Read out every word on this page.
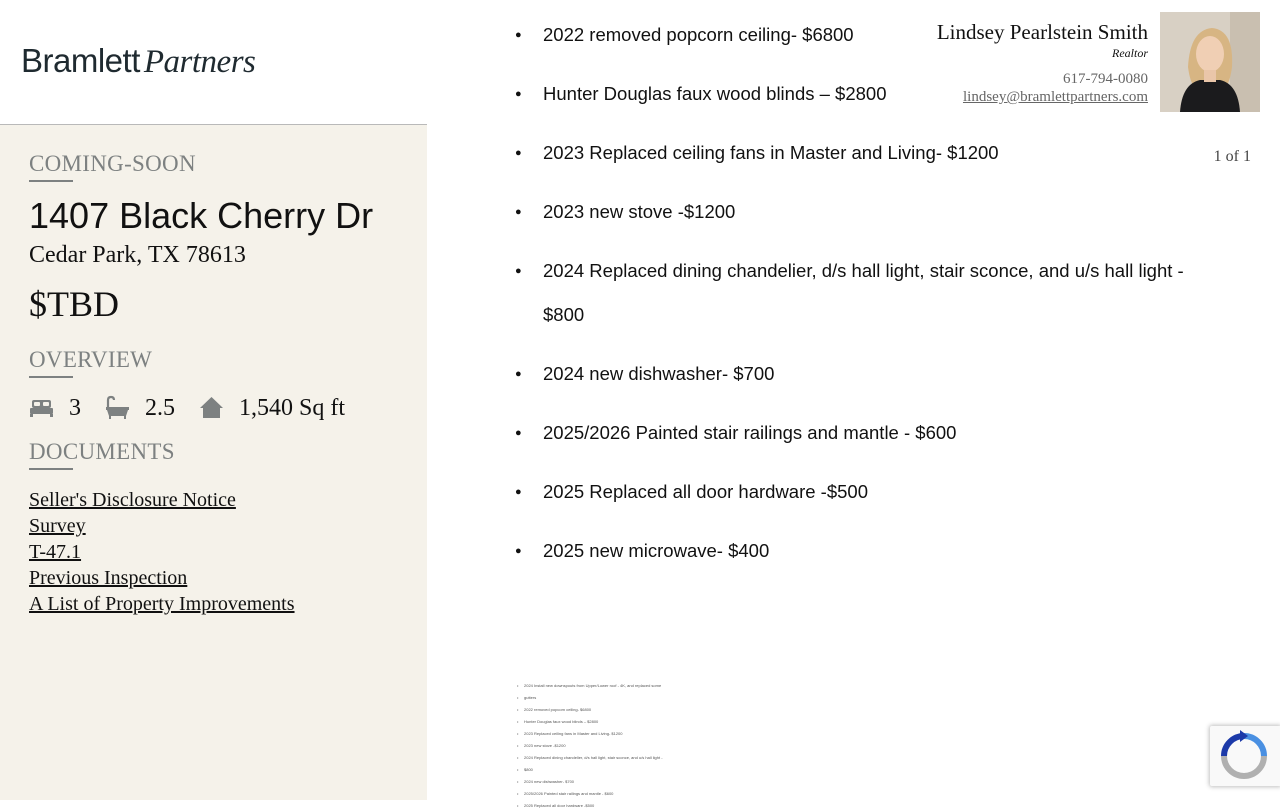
Bramlett Partners
Lindsey Pearlstein Smith
Realtor
617-794-0080
lindsey@bramlettpartners.com
COMING-SOON
1407 Black Cherry Dr
Cedar Park, TX 78613
$TBD
OVERVIEW
3	2.5	1,540 Sq ft
DOCUMENTS
Seller's Disclosure Notice
Survey
T-47.1
Previous Inspection
A List of Property Improvements
1 of 1
● 2022 removed popcorn ceiling- $6800
● Hunter Douglas faux wood blinds – $2800
● 2023 Replaced ceiling fans in Master and Living- $1200
● 2023 new stove -$1200
● 2024 Replaced dining chandelier, d/s hall light, stair sconce, and u/s hall light -
$800
● 2024 new dishwasher- $700
● 2025/2026 Painted stair railings and mantle - $600
● 2025 Replaced all door hardware -$500
● 2025 new microwave- $400
• 2024 Install new downspouts from Upper/Lower roof - 4K, and replaced some
• gutters
• 2022 removed popcorn ceiling- $6800
• Hunter Douglas faux wood blinds – $2800
• 2023 Replaced ceiling fans in Master and Living- $1200
• 2023 new stove -$1200
• 2024 Replaced dining chandelier, d/s hall light, stair sconce, and u/s hall light -
• $800
• 2024 new dishwasher- $700
• 2025/2026 Painted stair railings and mantle - $600
• 2025 Replaced all door hardware -$500
